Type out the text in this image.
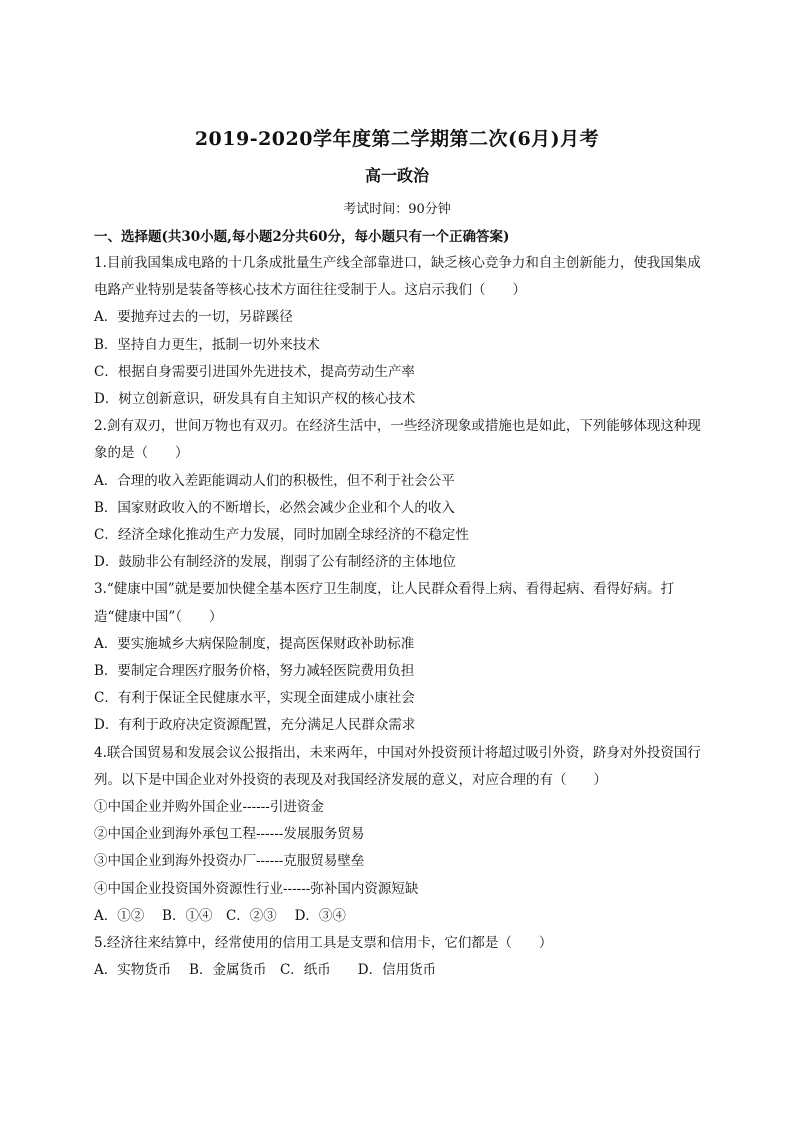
2019-2020学年度第二学期第二次(6月)月考
高一政治
考试时间：90分钟
一、选择题(共30小题,每小题2分共60分，每小题只有一个正确答案)

1.目前我国集成电路的十几条成批量生产线全部靠进口，缺乏核心竞争力和自主创新能力，使我国集成电路产业特别是装备等核心技术方面往往受制于人。这启示我们（　　）

A．要抛弃过去的一切，另辟蹊径

B．坚持自力更生，抵制一切外来技术

C．根据自身需要引进国外先进技术，提高劳动生产率

D．树立创新意识，研发具有自主知识产权的核心技术

2.剑有双刃，世间万物也有双刃。在经济生活中，一些经济现象或措施也是如此，下列能够体现这种现象的是（　　）

A．合理的收入差距能调动人们的积极性，但不利于社会公平

B．国家财政收入的不断增长，必然会减少企业和个人的收入

C．经济全球化推动生产力发展，同时加剧全球经济的不稳定性

D．鼓励非公有制经济的发展，削弱了公有制经济的主体地位

3.“健康中国”就是要加快健全基本医疗卫生制度，让人民群众看得上病、看得起病、看得好病。打造“健康中国”（　　）

A．要实施城乡大病保险制度，提高医保财政补助标准

B．要制定合理医疗服务价格，努力减轻医院费用负担

C．有利于保证全民健康水平，实现全面建成小康社会

D．有利于政府决定资源配置，充分满足人民群众需求

4.联合国贸易和发展会议公报指出，未来两年，中国对外投资预计将超过吸引外资，跻身对外投资国行列。以下是中国企业对外投资的表现及对我国经济发展的意义，对应合理的有（　　）

①中国企业并购外国企业------引进资金

②中国企业到海外承包工程------发展服务贸易

③中国企业到海外投资办厂------克服贸易壁垒

④中国企业投资国外资源性行业------弥补国内资源短缺

A．①②　 B．①④　C．②③　 D．③④

5.经济往来结算中，经常使用的信用工具是支票和信用卡，它们都是（　　）

A．实物货币　 B．金属货币　C．纸币　　D．信用货币
